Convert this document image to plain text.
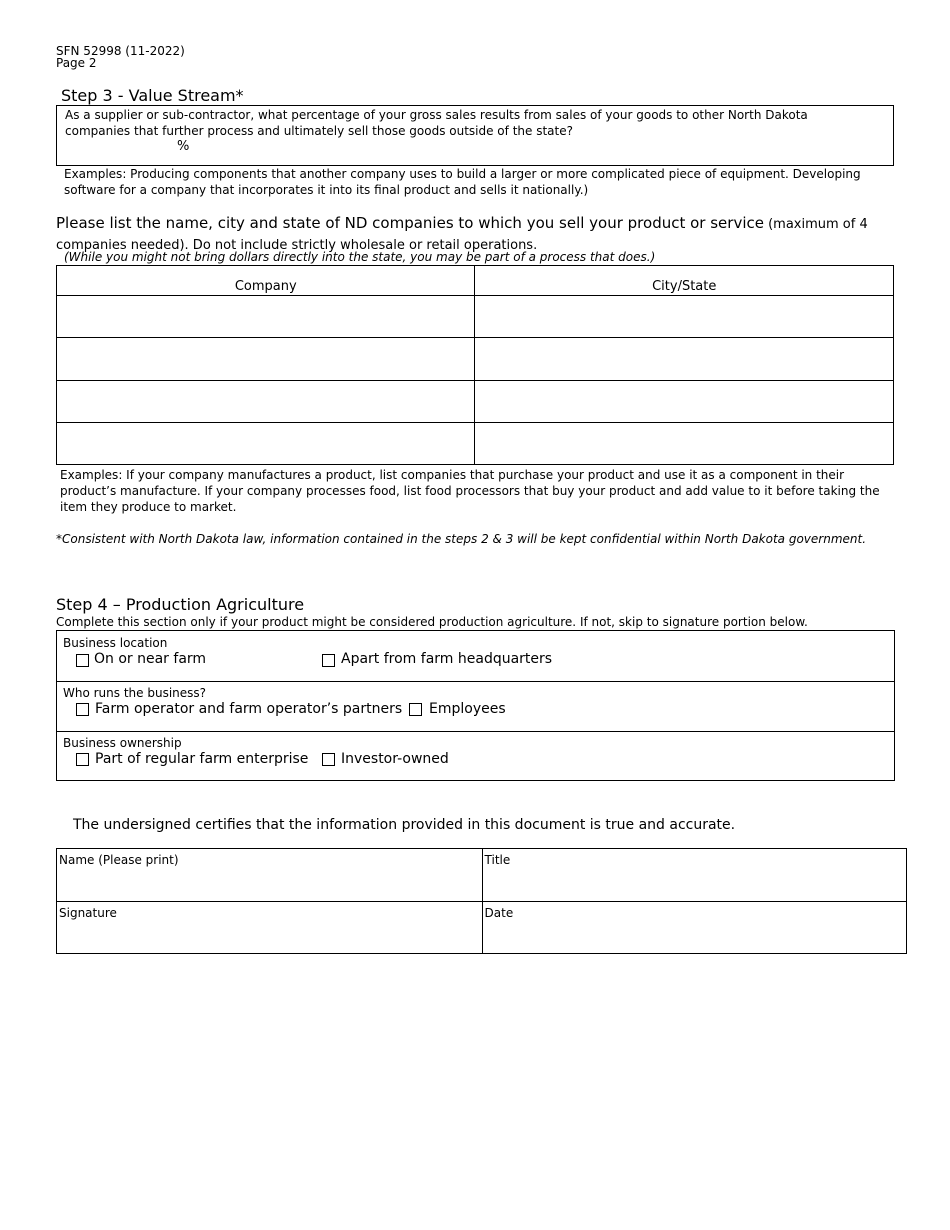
SFN 52998 (11-2022)
Page 2
Step 3 - Value Stream*
As a supplier or sub-contractor, what percentage of your gross sales results from sales of your goods to other North Dakota companies that further process and ultimately sell those goods outside of the state?
%
Examples: Producing components that another company uses to build a larger or more complicated piece of equipment. Developing software for a company that incorporates it into its final product and sells it nationally.)
Please list the name, city and state of ND companies to which you sell your product or service (maximum of 4 companies needed). Do not include strictly wholesale or retail operations.
(While you might not bring dollars directly into the state, you may be part of a process that does.)
Company	City/State

Examples: If your company manufactures a product, list companies that purchase your product and use it as a component in their product’s manufacture. If your company processes food, list food processors that buy your product and add value to it before taking the item they produce to market.
*Consistent with North Dakota law, information contained in the steps 2 & 3 will be kept confidential within North Dakota government.
Step 4 – Production Agriculture
Complete this section only if your product might be considered production agriculture. If not, skip to signature portion below.
Business location
On or near farm	Apart from farm headquarters
Who runs the business?
Farm operator and farm operator’s partners Employees
Business ownership
Part of regular farm enterprise Investor-owned
The undersigned certifies that the information provided in this document is true and accurate.
Name (Please print)	Title

Signature	Date
